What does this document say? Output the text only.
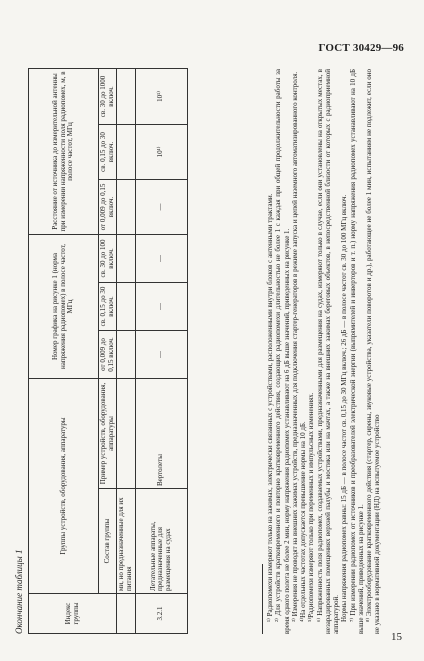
ГОСТ 30429—96
Окончание таблицы 1	Индекс группы	Группы устройств, оборудования, аппаратуры		Номер графика на рисунке 1 (норма напряжения радиопомех) в полосе частот, МГц			Расстояние от источника до измерительной антенны при измерении напряженности поля радиопомех, м, в полосе частот, МГц		
	Состав группы	Пример устройств, оборудования, аппаратуры	от 0,009 до 0,15 включ.	св. 0,15 до 30 включ.	св. 30 до 100 включ.	от 0,009 до 0,15 включ.	св. 0,15 до 30 включ.	св. 30 до 1000 включ.

	ми, но предназначенные для их питания							
3.2.1	Летательные аппараты, предназначенные для размещения на судах	Вертолеты	—	—	—	—	10¹⁾	10¹⁾
¹⁾ Радиопомехи измеряют только на зажимах, электрически связанных с устройствами, расположенными внутри блоков с антенными трактами. ²⁾ Для устройств кратковременного и повторно кратковременного действия, создающих радиопомехи длительностью не более 1 с каждая при общей продолжительности работы за время одного полета не более 2 мин, норму напряжения радиопомех устанавливают на 6 дБ выше значений, приведенных на рисунке 1. ³⁾ Измерения не проводят на внешних зажимах устройств, предназначенных для подключения стартер-генераторов в режиме запуска и цепей наземного автоматизированного контроля. ⁴⁾На отдельных частотах допускается превышение нормы на 10 дБ. ⁵⁾Радиопомехи измеряют только при переменных и импульсных изменениях. ⁶⁾ Напряженность поля радиопомех, создаваемых устройствами, предназначенными для размещения на судах, измеряют только в случае, если они установлены на открытых местах, в незарадированных помещениях верхней палубы и мостика или на мачтах, а также на внешних зажимах береговых объектов, в непосредственной близости от которых с радиоприемной аппаратурой. Нормы напряжения радиопомех равны: 15 дБ — в полосе частот св. 0,15 до 30 МГц включ.; 26 дБ — в полосе частот св. 30 до 100 МГц включ. ⁷⁾ При измерении радиопомех от источников и преобразователей электрической энергии (выпрямителей и инверторов и т. п.) норму напряжения радиопомех устанавливают на 10 дБ выше значений, приведенных на рисунке 1. ⁸⁾ Электрооборудование кратковременного действия (стартер, сирены, звуковые устройства, указатели поворотов и др.), работающее не более 1 мин, испытаниям не подлежит, если оно не указано в нормативной документации (НД) на испытуемое устройство
15
